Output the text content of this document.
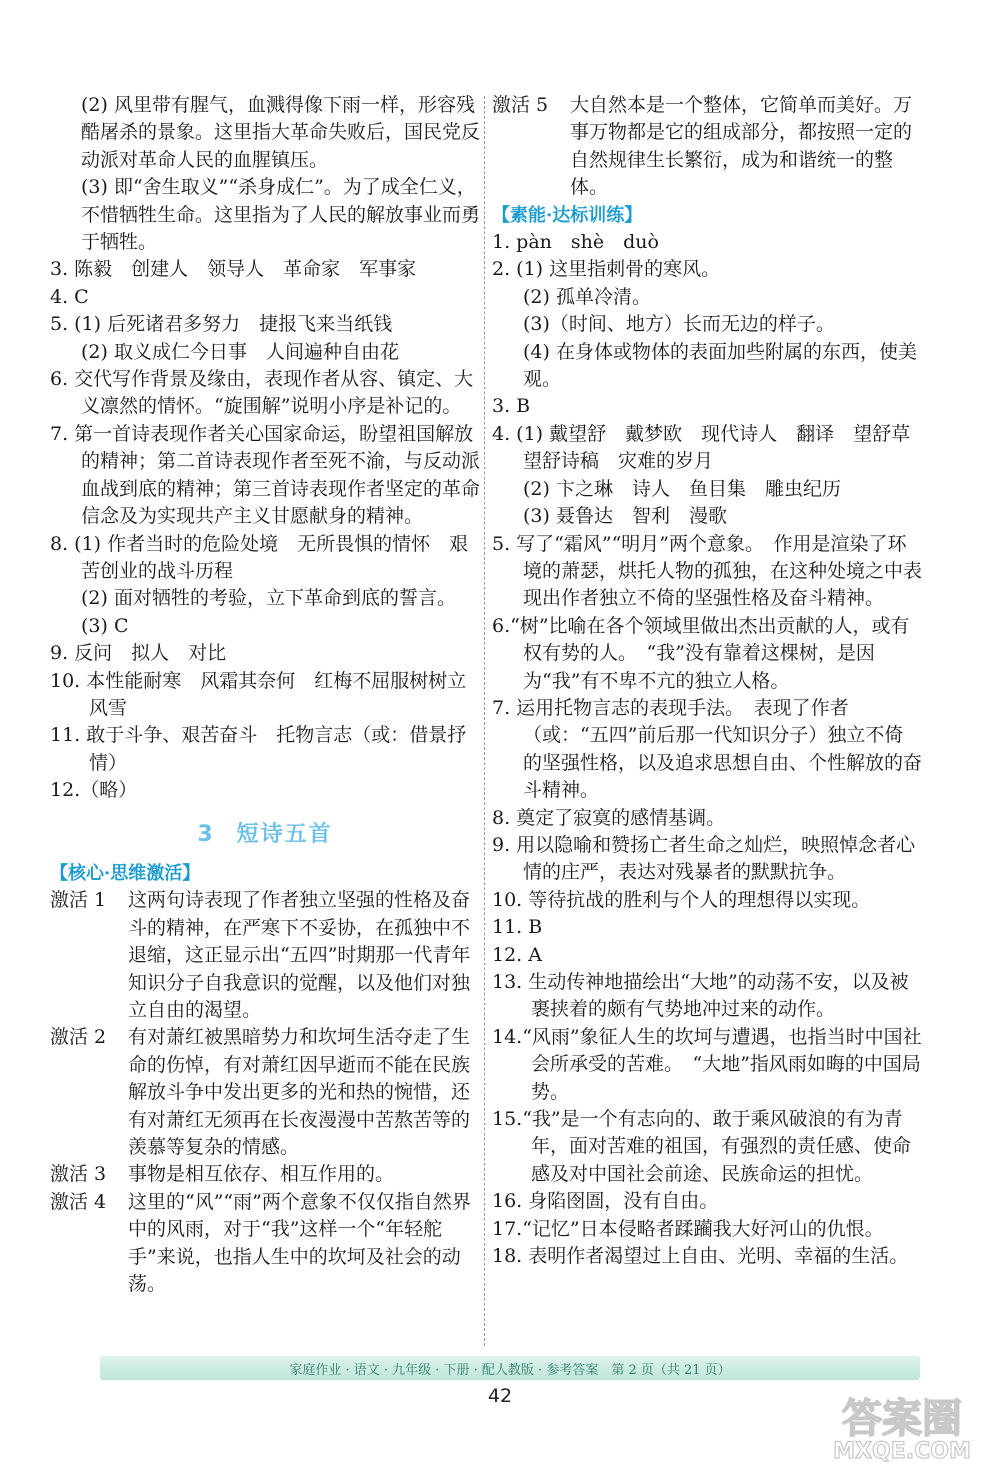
(2) 风里带有腥气，血溅得像下雨一样，形容残酷屠杀的景象。这里指大革命失败后，国民党反动派对革命人民的血腥镇压。

(3) 即“舍生取义”“杀身成仁”。为了成全仁义，不惜牺牲生命。这里指为了人民的解放事业而勇于牺牲。

3. 陈毅　创建人　领导人　革命家　军事家

4. C

5. (1) 后死诸君多努力　捷报飞来当纸钱

(2) 取义成仁今日事　人间遍种自由花

6. 交代写作背景及缘由，表现作者从容、镇定、大义凛然的情怀。“旋围解”说明小序是补记的。

7. 第一首诗表现作者关心国家命运，盼望祖国解放的精神；第二首诗表现作者至死不渝，与反动派血战到底的精神；第三首诗表现作者坚定的革命信念及为实现共产主义甘愿献身的精神。

8. (1) 作者当时的危险处境　无所畏惧的情怀　艰苦创业的战斗历程

(2) 面对牺牲的考验，立下革命到底的誓言。

(3) C

9. 反问　拟人　对比

10. 本性能耐寒　风霜其奈何　红梅不屈服树树立风雪

11. 敢于斗争、艰苦奋斗　托物言志（或：借景抒情）

12.（略）

3 短诗五首

【核心·思维激活】

激活 1	这两句诗表现了作者独立坚强的性格及奋斗的精神，在严寒下不妥协，在孤独中不退缩，这正显示出“五四”时期那一代青年知识分子自我意识的觉醒，以及他们对独立自由的渴望。
激活 2	有对萧红被黑暗势力和坎坷生活夺走了生命的伤悼，有对萧红因早逝而不能在民族解放斗争中发出更多的光和热的惋惜，还有对萧红无须再在长夜漫漫中苦熬苦等的羡慕等复杂的情感。
激活 3	事物是相互依存、相互作用的。
激活 4	这里的“风”“雨”两个意象不仅仅指自然界中的风雨，对于“我”这样一个“年轻舵手”来说，也指人生中的坎坷及社会的动荡。
激活 5	大自然本是一个整体，它简单而美好。万事万物都是它的组成部分，都按照一定的自然规律生长繁衍，成为和谐统一的整体。

【素能·达标训练】

1. pàn　shè　duò

2. (1) 这里指刺骨的寒风。

(2) 孤单冷清。

(3)（时间、地方）长而无边的样子。

(4) 在身体或物体的表面加些附属的东西，使美观。

3. B

4. (1) 戴望舒　戴梦欧　现代诗人　翻译　望舒草　望舒诗稿　灾难的岁月

(2) 卞之琳　诗人　鱼目集　雕虫纪历

(3) 聂鲁达　智利　漫歌

5. 写了“霜风”“明月”两个意象。　作用是渲染了环境的萧瑟，烘托人物的孤独，在这种处境之中表现出作者独立不倚的坚强性格及奋斗精神。

6.“树”比喻在各个领域里做出杰出贡献的人，或有权有势的人。　“我”没有靠着这棵树，是因为“我”有不卑不亢的独立人格。

7. 运用托物言志的表现手法。　表现了作者（或：“五四”前后那一代知识分子）独立不倚的坚强性格，以及追求思想自由、个性解放的奋斗精神。

8. 奠定了寂寞的感情基调。

9. 用以隐喻和赞扬亡者生命之灿烂，映照悼念者心情的庄严，表达对残暴者的默默抗争。

10. 等待抗战的胜利与个人的理想得以实现。

11. B

12. A

13. 生动传神地描绘出“大地”的动荡不安，以及被裹挟着的颇有气势地冲过来的动作。

14.“风雨”象征人生的坎坷与遭遇，也指当时中国社会所承受的苦难。　“大地”指风雨如晦的中国局势。

15.“我”是一个有志向的、敢于乘风破浪的有为青年，面对苦难的祖国，有强烈的责任感、使命感及对中国社会前途、民族命运的担忧。

16. 身陷囹圄，没有自由。

17.“记忆”日本侵略者蹂躏我大好河山的仇恨。

18. 表明作者渴望过上自由、光明、幸福的生活。

家庭作业 · 语文 · 九年级 · 下册 · 配人教版 · 参考答案　第 2 页（共 21 页）
42	答案圈
MXQE.COM
